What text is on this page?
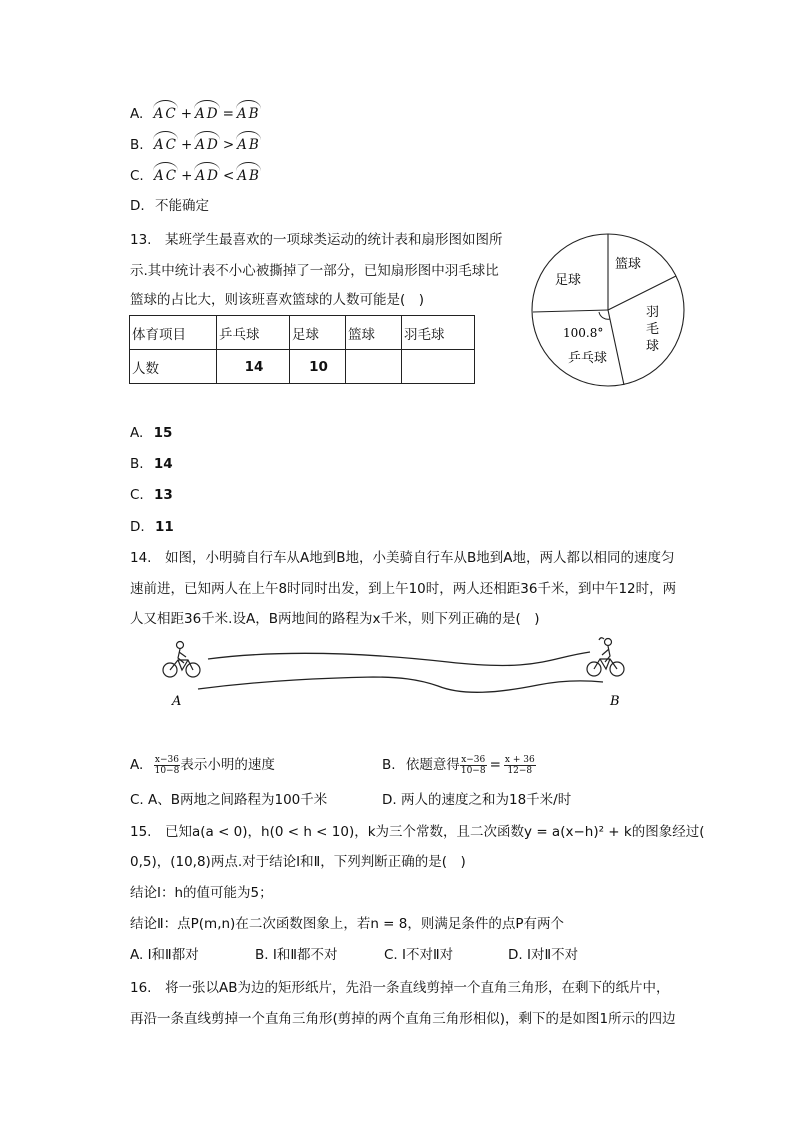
A. AC + AD = AB
B. AC + AD > AB
C. AC + AD < AB
D. 不能确定
13.　某班学生最喜欢的一项球类运动的统计表和扇形图如图所
示.其中统计表不小心被撕掉了一部分，已知扇形图中羽毛球比
篮球的占比大，则该班喜欢篮球的人数可能是(　)
体育项目	乒乓球	足球	篮球	羽毛球
人数	14	10		
足球
篮球
羽
毛
球
100.8°
乒乓球
A. 15
B. 14
C. 13
D. 11
14.　如图，小明骑自行车从A地到B地，小美骑自行车从B地到A地，两人都以相同的速度匀
速前进，已知两人在上午8时同时出发，到上午10时，两人还相距36千米，到中午12时，两
人又相距36千米.设A，B两地间的路程为x千米，则下列正确的是(　)
A	B
A. $\frac{x-36}{10-8}$ 表示小明的速度	B. 依题意得 $\frac{x-36}{10-8} = \frac{x + 36}{12-8}$
C. A、B两地之间路程为100千米	D. 两人的速度之和为18千米/时
15.　已知a(a < 0)，h(0 < h < 10)，k为三个常数，且二次函数y = a(x−h)² + k的图象经过(
0,5)，(10,8)两点.对于结论Ⅰ和Ⅱ，下列判断正确的是(　)
结论Ⅰ：h的值可能为5；
结论Ⅱ：点P(m,n)在二次函数图象上，若n = 8，则满足条件的点P有两个
A. Ⅰ和Ⅱ都对	B. Ⅰ和Ⅱ都不对	C. Ⅰ不对Ⅱ对	D. Ⅰ对Ⅱ不对
16.　将一张以AB为边的矩形纸片，先沿一条直线剪掉一个直角三角形，在剩下的纸片中，
再沿一条直线剪掉一个直角三角形(剪掉的两个直角三角形相似)，剩下的是如图1所示的四边
